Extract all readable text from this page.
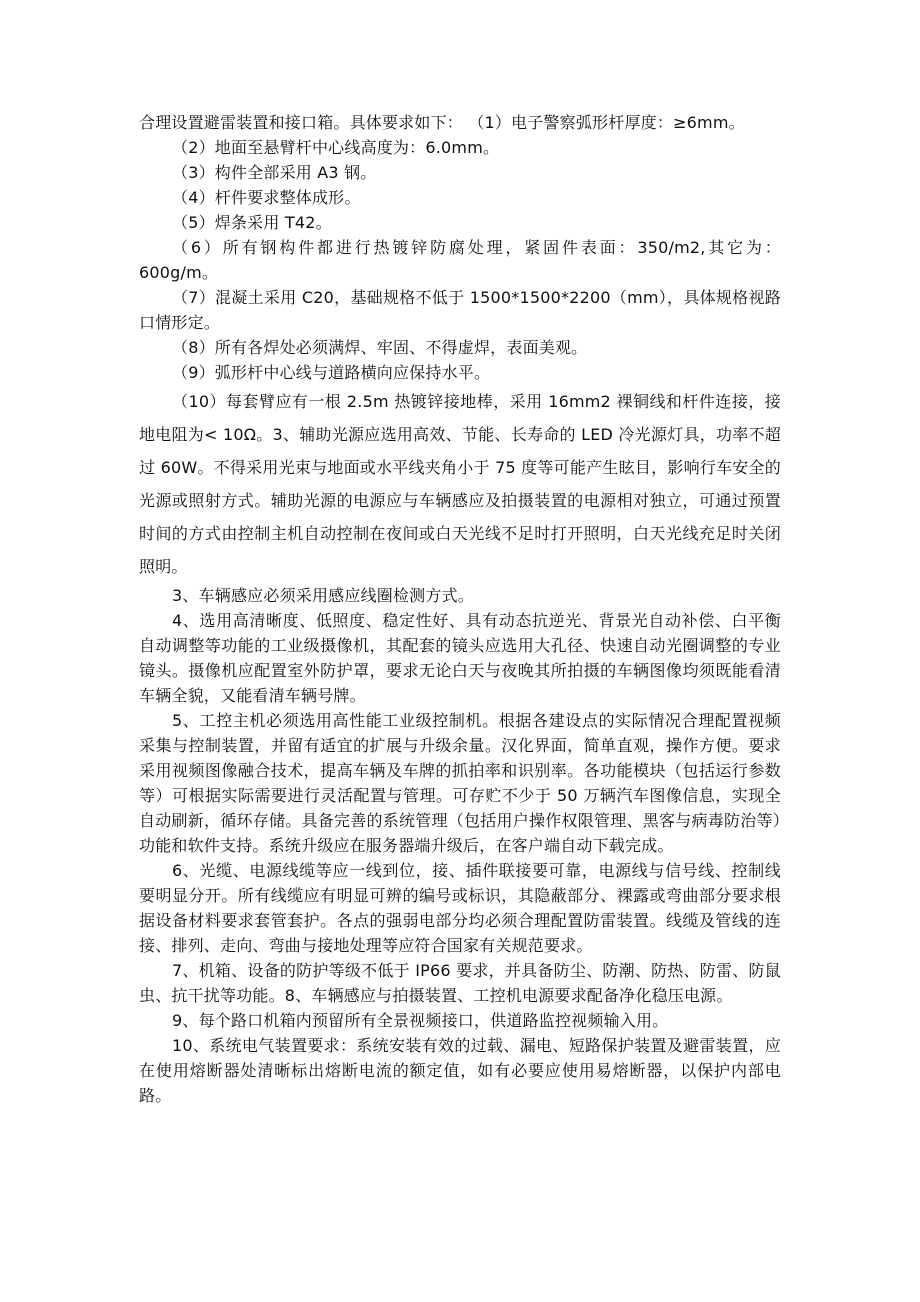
合理设置避雷装置和接口箱。具体要求如下： （1）电子警察弧形杆厚度：≥6mm。

（2）地面至悬臂杆中心线高度为：6.0mm。

（3）构件全部采用 A3 钢。

（4）杆件要求整体成形。

（5）焊条采用 T42。

（6）所有钢构件都进行热镀锌防腐处理，紧固件表面：350/m2,其它为：600g/m。

（7）混凝土采用 C20，基础规格不低于 1500*1500*2200（mm），具体规格视路口情形定。

（8）所有各焊处必须满焊、牢固、不得虚焊，表面美观。

（9）弧形杆中心线与道路横向应保持水平。

（10）每套臂应有一根 2.5m 热镀锌接地棒，采用 16mm2 裸铜线和杆件连接，接地电阻为< 10Ω。3、辅助光源应选用高效、节能、长寿命的 LED 冷光源灯具，功率不超过 60W。不得采用光束与地面或水平线夹角小于 75 度等可能产生眩目，影响行车安全的光源或照射方式。辅助光源的电源应与车辆感应及拍摄装置的电源相对独立，可通过预置时间的方式由控制主机自动控制在夜间或白天光线不足时打开照明，白天光线充足时关闭照明。

3、车辆感应必须采用感应线圈检测方式。

4、选用高清晰度、低照度、稳定性好、具有动态抗逆光、背景光自动补偿、白平衡自动调整等功能的工业级摄像机，其配套的镜头应选用大孔径、快速自动光圈调整的专业镜头。摄像机应配置室外防护罩，要求无论白天与夜晚其所拍摄的车辆图像均须既能看清车辆全貌，又能看清车辆号牌。

5、工控主机必须选用高性能工业级控制机。根据各建设点的实际情况合理配置视频采集与控制装置，并留有适宜的扩展与升级余量。汉化界面，简单直观，操作方便。要求采用视频图像融合技术，提高车辆及车牌的抓拍率和识别率。各功能模块（包括运行参数等）可根据实际需要进行灵活配置与管理。可存贮不少于 50 万辆汽车图像信息，实现全自动刷新，循环存储。具备完善的系统管理（包括用户操作权限管理、黑客与病毒防治等）功能和软件支持。系统升级应在服务器端升级后，在客户端自动下载完成。

6、光缆、电源线缆等应一线到位，接、插件联接要可靠，电源线与信号线、控制线要明显分开。所有线缆应有明显可辨的编号或标识，其隐蔽部分、裸露或弯曲部分要求根据设备材料要求套管套护。各点的强弱电部分均必须合理配置防雷装置。线缆及管线的连接、排列、走向、弯曲与接地处理等应符合国家有关规范要求。

7、机箱、设备的防护等级不低于 IP66 要求，并具备防尘、防潮、防热、防雷、防鼠虫、抗干扰等功能。8、车辆感应与拍摄装置、工控机电源要求配备净化稳压电源。

9、每个路口机箱内预留所有全景视频接口，供道路监控视频输入用。

10、系统电气装置要求：系统安装有效的过载、漏电、短路保护装置及避雷装置，应在使用熔断器处清晰标出熔断电流的额定值，如有必要应使用易熔断器，以保护内部电路。
